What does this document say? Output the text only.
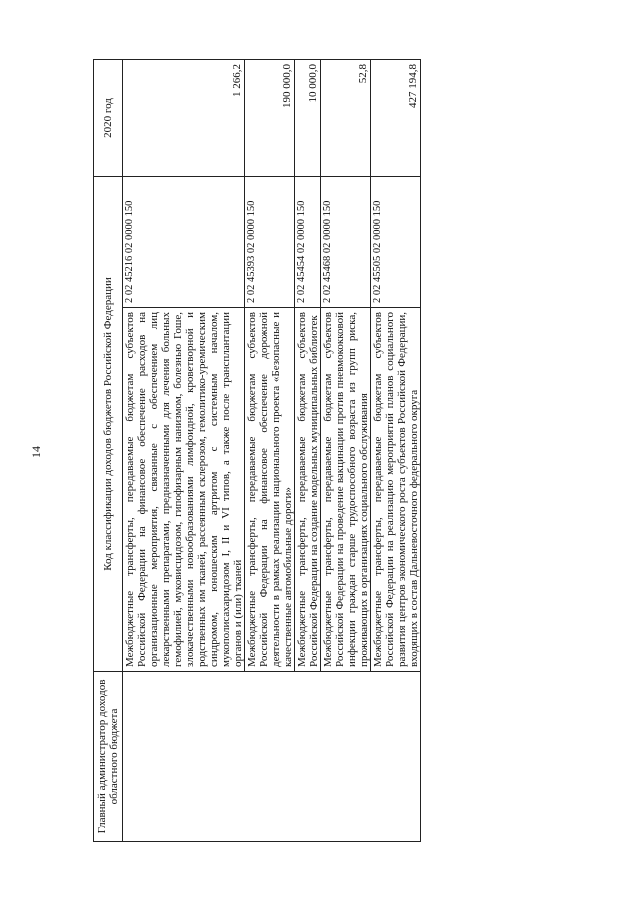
14
Главный администратор доходов областного бюджета	Код классификации доходов бюджетов Российской Федерации		2020 год
	Межбюджетные трансферты, передаваемые бюджетам субъектов Российской Федерации на финансовое обеспечение расходов на организационные мероприятия, связанные с обеспечением лиц лекарственными препаратами, предназначенными для лечения больных гемофилией, муковисцидозом, гипофизарным нанизмом, болезнью Гоше, злокачественными новообразованиями лимфоидной, кроветворной и родственных им тканей, рассеянным склерозом, гемолитико-уремическим синдромом, юношеским артритом с системным началом, мукополисахаридозом I, II и VI типов, а также после трансплантации органов и (или) тканей	2 02 45216 02 0000 150	1 266,2
	Межбюджетные трансферты, передаваемые бюджетам субъектов Российской Федерации на финансовое обеспечение дорожной деятельности в рамках реализации национального проекта «Безопасные и качественные автомобильные дороги»	2 02 45393 02 0000 150	190 000,0
	Межбюджетные трансферты, передаваемые бюджетам субъектов Российской Федерации на создание модельных муниципальных библиотек	2 02 45454 02 0000 150	10 000,0
	Межбюджетные трансферты, передаваемые бюджетам субъектов Российской Федерации на проведение вакцинации против пневмококковой инфекции граждан старше трудоспособного возраста из групп риска, проживающих в организациях социального обслуживания	2 02 45468 02 0000 150	52,8
	Межбюджетные трансферты, передаваемые бюджетам субъектов Российской Федерации на реализацию мероприятий планов социального развития центров экономического роста субъектов Российской Федерации, входящих в состав Дальневосточного федерального округа	2 02 45505 02 0000 150	427 194,8
